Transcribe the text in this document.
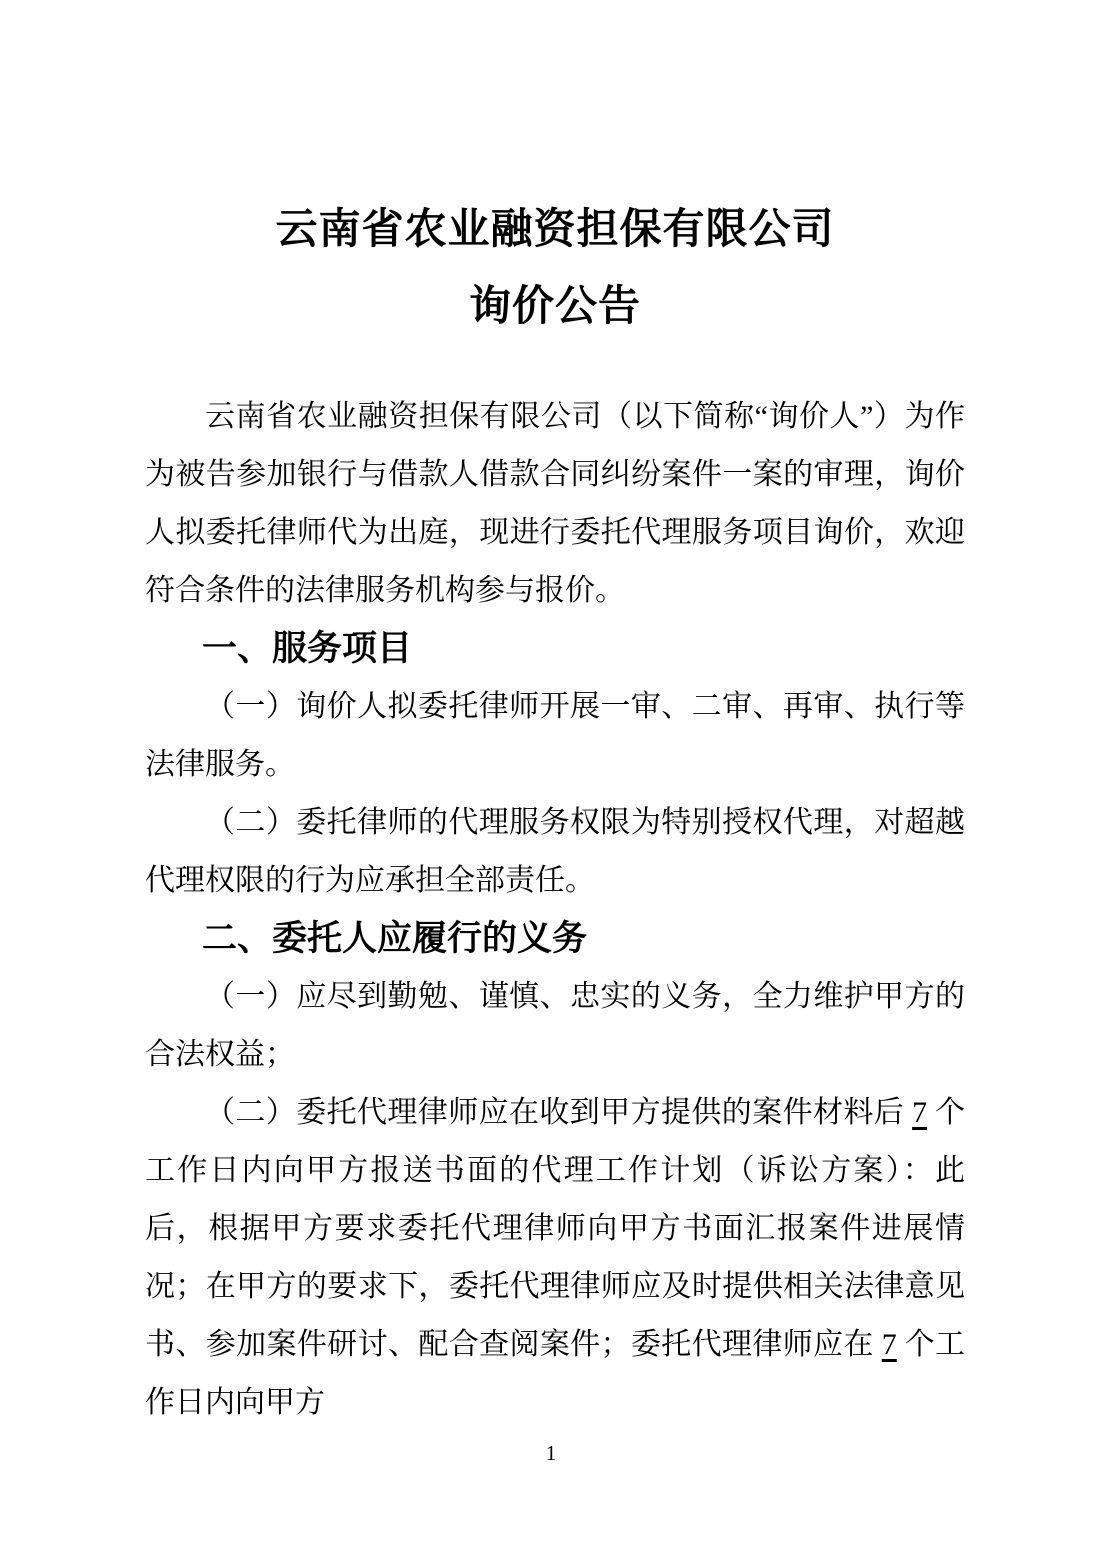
云南省农业融资担保有限公司
询价公告

云南省农业融资担保有限公司（以下简称“询价人”）为作为被告参加银行与借款人借款合同纠纷案件一案的审理，询价人拟委托律师代为出庭，现进行委托代理服务项目询价，欢迎符合条件的法律服务机构参与报价。

一、服务项目

（一）询价人拟委托律师开展一审、二审、再审、执行等法律服务。

（二）委托律师的代理服务权限为特别授权代理，对超越代理权限的行为应承担全部责任。

二、委托人应履行的义务

（一）应尽到勤勉、谨慎、忠实的义务，全力维护甲方的合法权益；

（二）委托代理律师应在收到甲方提供的案件材料后 7 个工作日内向甲方报送书面的代理工作计划（诉讼方案）：此后，根据甲方要求委托代理律师向甲方书面汇报案件进展情况；在甲方的要求下，委托代理律师应及时提供相关法律意见书、参加案件研讨、配合查阅案件；委托代理律师应在 7 个工作日内向甲方

1
